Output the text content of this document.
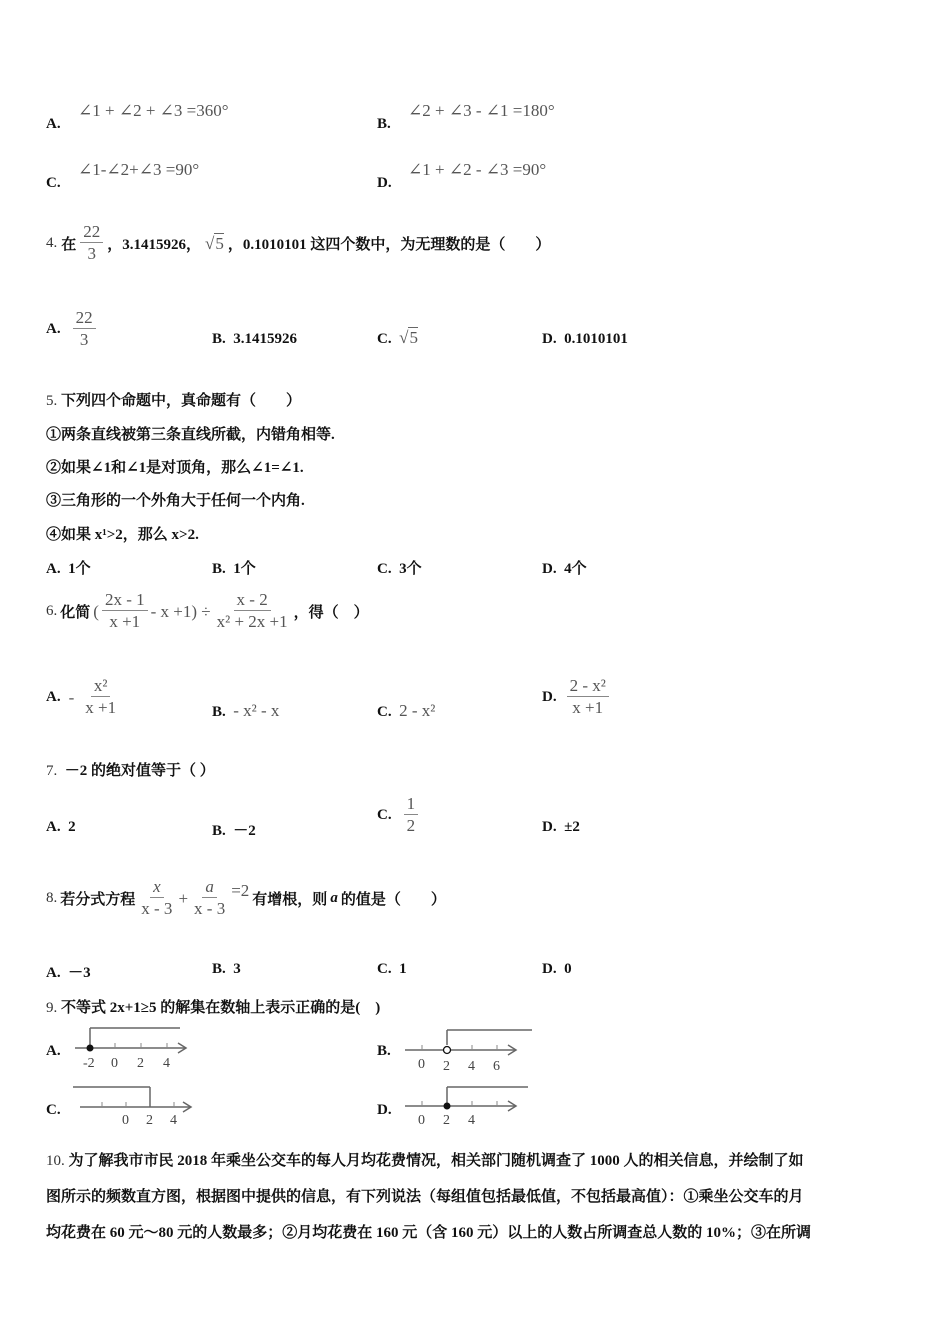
A.
∠1 + ∠2 + ∠3 =360°
B.
∠2 + ∠3 - ∠1 =180°
C.
∠1-∠2+∠3 =90°
D.
∠1 + ∠2 - ∠3 =90°
4. 在 $\frac{22}{3}$ ，3.1415926， √5 ，0.1010101 这四个数中，为无理数的是（　　）
A. $\frac{22}{3}$	B. 3.1415926	C. √5	D. 0.1010101
5. 下列四个命题中，真命题有（　　）
①两条直线被第三条直线所截，内错角相等.
②如果∠1和∠1是对顶角，那么∠1=∠1.
③三角形的一个外角大于任何一个内角.
④如果 x¹>2，那么 x>2.
A. 1个	B. 1个	C. 3个	D. 4个
6. 化简 ( $\frac{2x - 1}{x +1} - x +1) \div \frac{x - 2}{\text{x² + 2x +1}}$ ，得（　）
A. - $\frac{\text{x²}}{x +1}$	B. - x² - x	C. 2 - x²
D. $\frac{\text{2 - x²}}{x +1}$
7. －2 的绝对值等于（ ）
A. 2	B. －2
C. $\frac{1}{2}$	D. ±2
8. 若分式方程 $\frac{x}{x - 3} + \frac{a}{x - 3} =2$
有增根，则 a 的值是（　　）
A. －3	B. 3	C. 1	D. 0
9. 不等式 2x+1≥5 的解集在数轴上表示正确的是(　)
A.
-2 0 2 4
B.
0 2 4 6
C.
0 2 4
D.
0 2 4
10. 为了解我市市民 2018 年乘坐公交车的每人月均花费情况，相关部门随机调查了 1000 人的相关信息，并绘制了如
图所示的频数直方图，根据图中提供的信息，有下列说法（每组值包括最低值，不包括最高值）：①乘坐公交车的月
均花费在 60 元～80 元的人数最多；②月均花费在 160 元（含 160 元）以上的人数占所调查总人数的 10%；③在所调
